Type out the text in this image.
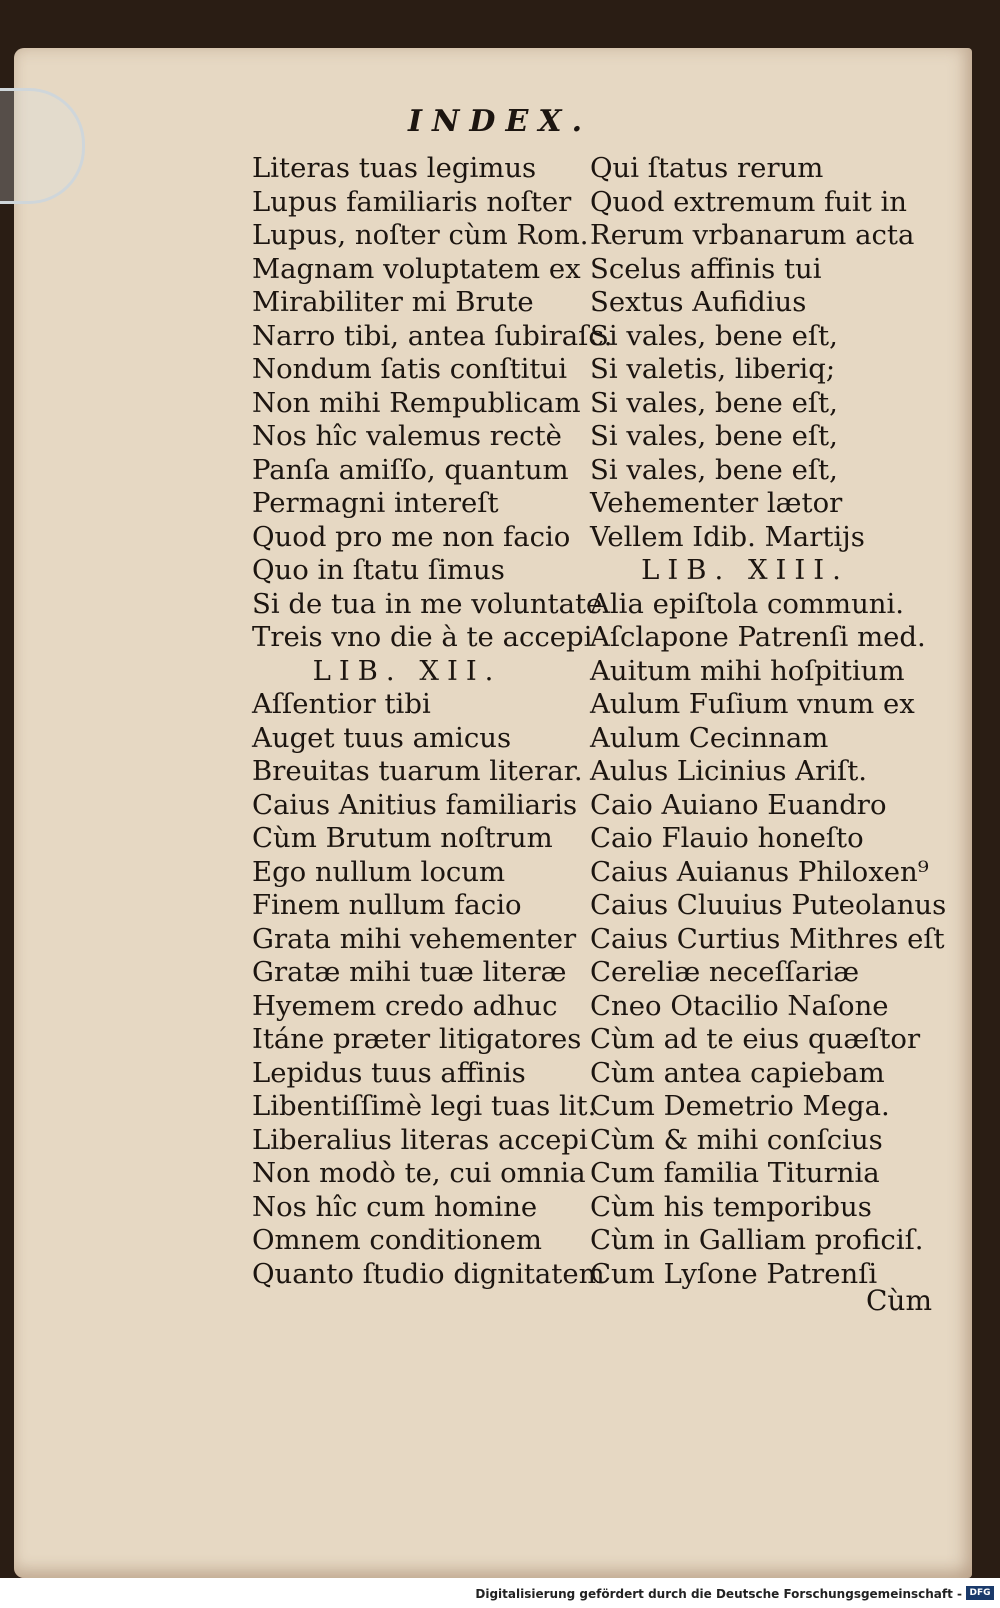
INDEX.
Literas tuas legimus
Lupus familiaris noſter
Lupus, noſter cùm Rom.
Magnam voluptatem ex
Mirabiliter mi Brute
Narro tibi, antea ſubiraſc.
Nondum ſatis conſtitui
Non mihi Rempublicam
Nos hîc valemus rectè
Panſa amiſſo, quantum
Permagni intereſt
Quod pro me non facio
Quo in ſtatu ſimus
Si de tua in me voluntate
Treis vno die à te accepi
LIB. XII.
Aſſentior tibi
Auget tuus amicus
Breuitas tuarum literar.
Caius Anitius familiaris
Cùm Brutum noſtrum
Ego nullum locum
Finem nullum facio
Grata mihi vehementer
Gratæ mihi tuæ literæ
Hyemem credo adhuc
Itáne præter litigatores
Lepidus tuus affinis
Libentiſſimè legi tuas lit.
Liberalius literas accepi
Non modò te, cui omnia
Nos hîc cum homine
Omnem conditionem
Quanto ſtudio dignitatem
Qui ſtatus rerum
Quod extremum fuit in
Rerum vrbanarum acta
Scelus affinis tui
Sextus Aufidius
Si vales, bene eſt,
Si valetis, liberiq;
Si vales, bene eſt,
Si vales, bene eſt,
Si vales, bene eſt,
Vehementer lætor
Vellem Idib. Martijs
LIB. XIII.
Alia epiſtola communi.
Aſclapone Patrenſi med.
Auitum mihi hoſpitium
Aulum Fuſium vnum ex
Aulum Cecinnam
Aulus Licinius Ariſt.
Caio Auiano Euandro
Caio Flauio honeſto
Caius Auianus Philoxen⁹
Caius Cluuius Puteolanus
Caius Curtius Mithres eſt
Cereliæ neceſſariæ
Cneo Otacilio Naſone
Cùm ad te eius quæſtor
Cùm antea capiebam
Cum Demetrio Mega.
Cùm & mihi conſcius
Cum familia Titurnia
Cùm his temporibus
Cùm in Galliam proficiſ.
Cum Lyſone Patrenſi
Cùm
Digitalisierung gefördert durch die Deutsche Forschungsgemeinschaft - DFG
